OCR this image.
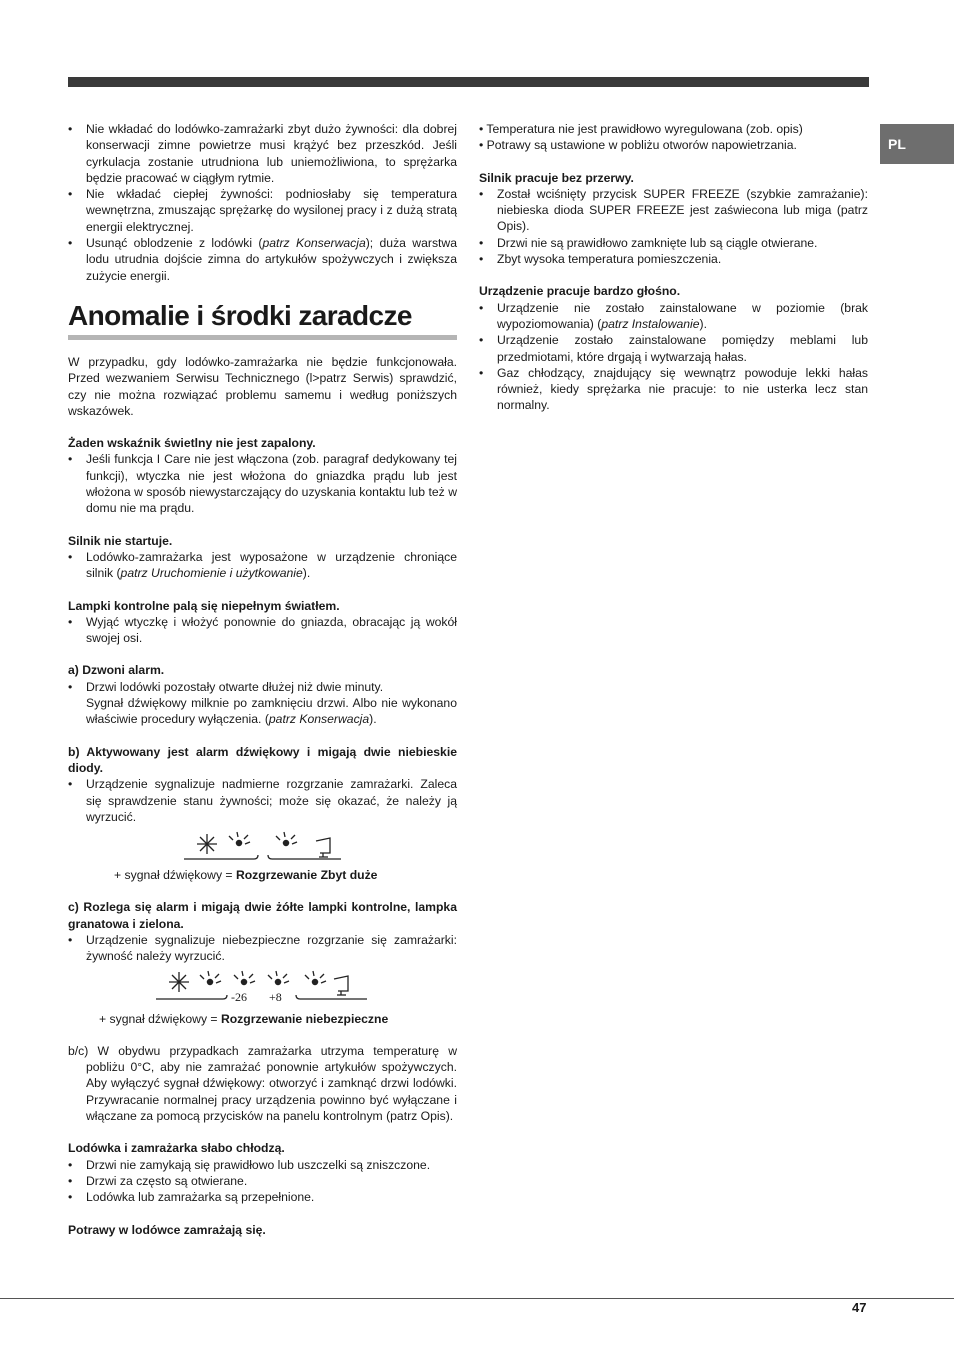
PL
• Nie wkładać do lodówko-zamrażarki zbyt dużo żywności: dla dobrej konserwacji zimne powietrze musi krążyć bez przeszkód. Jeśli cyrkulacja zostanie utrudniona lub uniemożliwiona, to sprężarka będzie pracować w ciągłym rytmie.
• Nie wkładać ciepłej żywności: podniosłaby się temperatura wewnętrzna, zmuszając sprężarkę do wysilonej pracy i z dużą stratą energii elektrycznej.
• Usunąć oblodzenie z lodówki (patrz Konserwacja); duża warstwa lodu utrudnia dojście zimna do artykułów spożywczych i zwiększa zużycie energii.
Anomalie i środki zaradcze

W przypadku, gdy lodówko-zamrażarka nie będzie funkcjonowała. Przed wezwaniem Serwisu Technicznego (l>patrz Serwis) sprawdzić, czy nie można rozwiązać problemu samemu i według poniższych wskazówek.

Żaden wskaźnik świetlny nie jest zapalony.

• Jeśli funkcja I Care nie jest włączona (zob. paragraf dedykowany tej funkcji), wtyczka nie jest włożona do gniazdka prądu lub jest włożona w sposób niewystarczający do uzyskania kontaktu lub też w domu nie ma prądu.

Silnik nie startuje.

• Lodówko-zamrażarka jest wyposażone w urządzenie chroniące silnik (patrz Uruchomienie i użytkowanie).

Lampki kontrolne palą się niepełnym światłem.

• Wyjąć wtyczkę i włożyć ponownie do gniazda, obracając ją wokół swojej osi.

a) Dzwoni alarm.

• Drzwi lodówki pozostały otwarte dłużej niż dwie minuty.
Sygnał dźwiękowy milknie po zamknięciu drzwi. Albo nie wykonano właściwie procedury wyłączenia. (patrz Konserwacja).

b) Aktywowany jest alarm dźwiękowy i migają dwie niebieskie diody.

• Urządzenie sygnalizuje nadmierne rozgrzanie zamrażarki. Zaleca się sprawdzenie stanu żywności; może się okazać, że należy ją wyrzucić.
+ sygnał dźwiękowy = Rozgrzewanie Zbyt duże

c) Rozlega się alarm i migają dwie żółte lampki kontrolne, lampka granatowa i zielona.

• Urządzenie sygnalizuje niebezpieczne rozgrzanie się zamrażarki: żywność należy wyrzucić.
-26 +8
+ sygnał dźwiękowy = Rozgrzewanie niebezpieczne

b/c) W obydwu przypadkach zamrażarka utrzyma temperaturę w pobliżu 0°C, aby nie zamrażać ponownie artykułów spożywczych. Aby wyłączyć sygnał dźwiękowy: otworzyć i zamknąć drzwi lodówki. Przywracanie normalnej pracy urządzenia powinno być wyłączane i włączane za pomocą przycisków na panelu kontrolnym (patrz Opis).

Lodówka i zamrażarka słabo chłodzą.

• Drzwi nie zamykają się prawidłowo lub uszczelki są zniszczone.
• Drzwi za często są otwierane.
• Lodówka lub zamrażarka są przepełnione.

Potrawy w lodówce zamrażają się.

• Temperatura nie jest prawidłowo wyregulowana (zob. opis)
• Potrawy są ustawione w pobliżu otworów napowietrzania.

Silnik pracuje bez przerwy.

• Został wciśnięty przycisk SUPER FREEZE (szybkie zamrażanie): niebieska dioda SUPER FREEZE jest zaświecona lub miga (patrz Opis).
• Drzwi nie są prawidłowo zamknięte lub są ciągle otwierane.
• Zbyt wysoka temperatura pomieszczenia.

Urządzenie pracuje bardzo głośno.

• Urządzenie nie zostało zainstalowane w poziomie (brak wypoziomowania) (patrz Instalowanie).
• Urządzenie zostało zainstalowane pomiędzy meblami lub przedmiotami, które drgają i wytwarzają hałas.
• Gaz chłodzący, znajdujący się wewnątrz powoduje lekki hałas również, kiedy sprężarka nie pracuje: to nie usterka lecz stan normalny.
47
